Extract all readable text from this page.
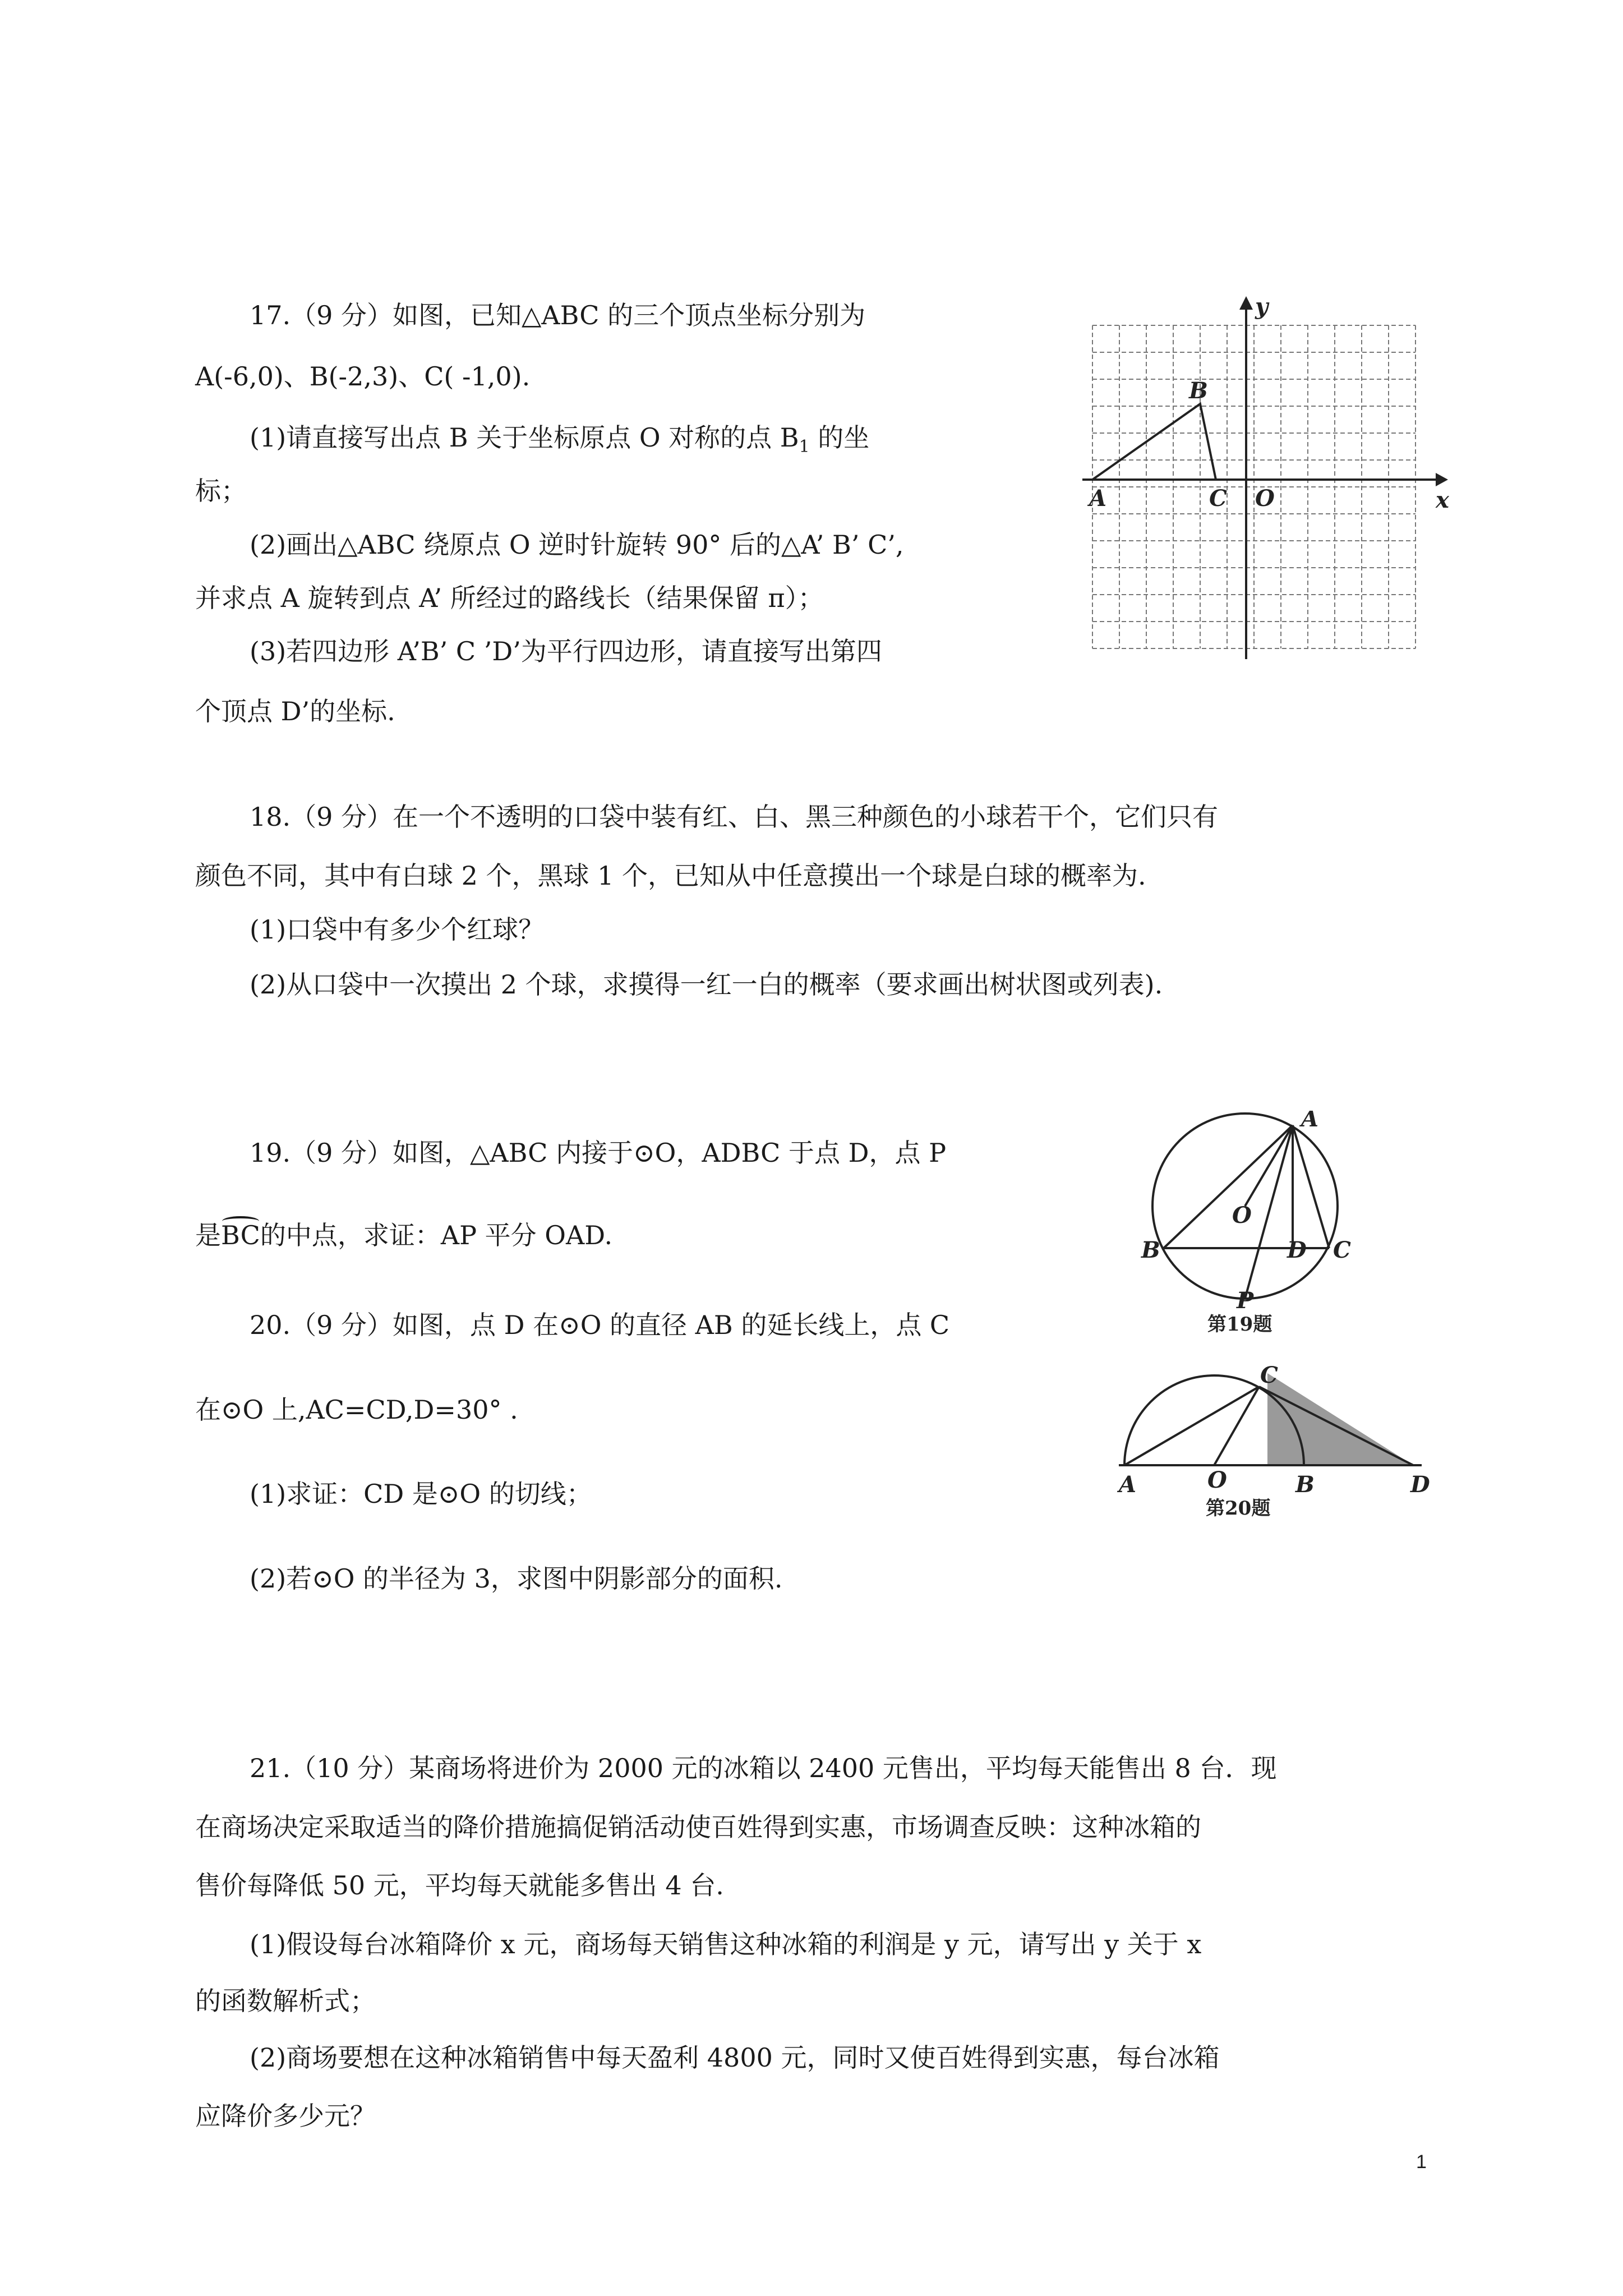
17.（9 分）如图，已知△ABC 的三个顶点坐标分别为
A(-6,0)、B(-2,3)、C( -1,0).
(1)请直接写出点 B 关于坐标原点 O 对称的点 $B_1$ 的坐
标；
(2)画出△ABC 绕原点 O 逆时针旋转 90° 后的△A’ B’ C’,
并求点 A 旋转到点 A’ 所经过的路线长（结果保留 π）；
(3)若四边形 A’B’ C ’D’为平行四边形，请直接写出第四
个顶点 D’的坐标.
x
y
A
B
C O
18.（9 分）在一个不透明的口袋中装有红、白、黑三种颜色的小球若干个，它们只有
颜色不同，其中有白球 2 个，黑球 1 个，已知从中任意摸出一个球是白球的概率为.
(1)口袋中有多少个红球？
(2)从口袋中一次摸出 2 个球，求摸得一红一白的概率（要求画出树状图或列表).
19.（9 分）如图，△ABC 内接于⊙O，ADBC 于点 D，点 P
是BC的中点，求证：AP 平分 OAD.
A
B	C
D
O
P
第19题
20.（9 分）如图，点 D 在⊙O 的直径 AB 的延长线上，点 C
在⊙O 上,AC=CD,D=30° .
(1)求证：CD 是⊙O 的切线；
(2)若⊙O 的半径为 3，求图中阴影部分的面积.
A	O	B
C
D
第20题
21.（10 分）某商场将进价为 2000 元的冰箱以 2400 元售出，平均每天能售出 8 台．现
在商场决定采取适当的降价措施搞促销活动使百姓得到实惠，市场调查反映：这种冰箱的
售价每降低 50 元，平均每天就能多售出 4 台.
(1)假设每台冰箱降价 x 元，商场每天销售这种冰箱的利润是 y 元，请写出 y 关于 x
的函数解析式；
(2)商场要想在这种冰箱销售中每天盈利 4800 元，同时又使百姓得到实惠，每台冰箱
应降价多少元？
1
